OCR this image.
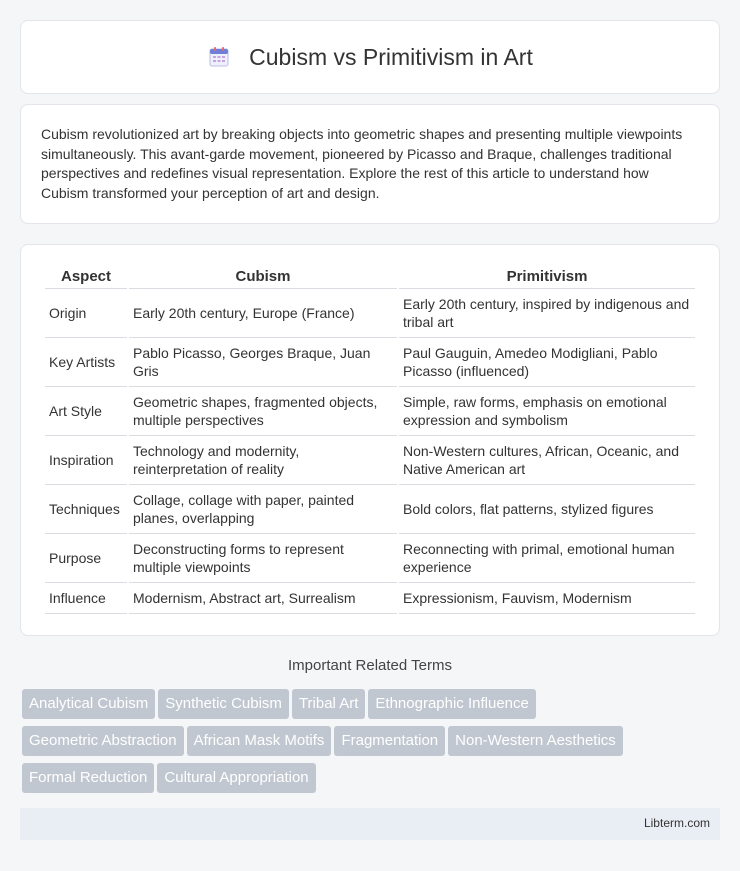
Cubism vs Primitivism in Art

Cubism revolutionized art by breaking objects into geometric shapes and presenting multiple viewpoints simultaneously. This avant-garde movement, pioneered by Picasso and Braque, challenges traditional perspectives and redefines visual representation. Explore the rest of this article to understand how Cubism transformed your perception of art and design.

Aspect	Cubism	Primitivism
Origin	Early 20th century, Europe (France)	Early 20th century, inspired by indigenous and tribal art
Key Artists	Pablo Picasso, Georges Braque, Juan Gris	Paul Gauguin, Amedeo Modigliani, Pablo Picasso (influenced)
Art Style	Geometric shapes, fragmented objects, multiple perspectives	Simple, raw forms, emphasis on emotional expression and symbolism
Inspiration	Technology and modernity, reinterpretation of reality	Non-Western cultures, African, Oceanic, and Native American art
Techniques	Collage, collage with paper, painted planes, overlapping	Bold colors, flat patterns, stylized figures
Purpose	Deconstructing forms to represent multiple viewpoints	Reconnecting with primal, emotional human experience
Influence	Modernism, Abstract art, Surrealism	Expressionism, Fauvism, Modernism
Important Related Terms
Analytical Cubism Synthetic Cubism Tribal Art Ethnographic Influence
Geometric Abstraction African Mask Motifs Fragmentation Non-Western Aesthetics
Formal Reduction Cultural Appropriation
Libterm.com
